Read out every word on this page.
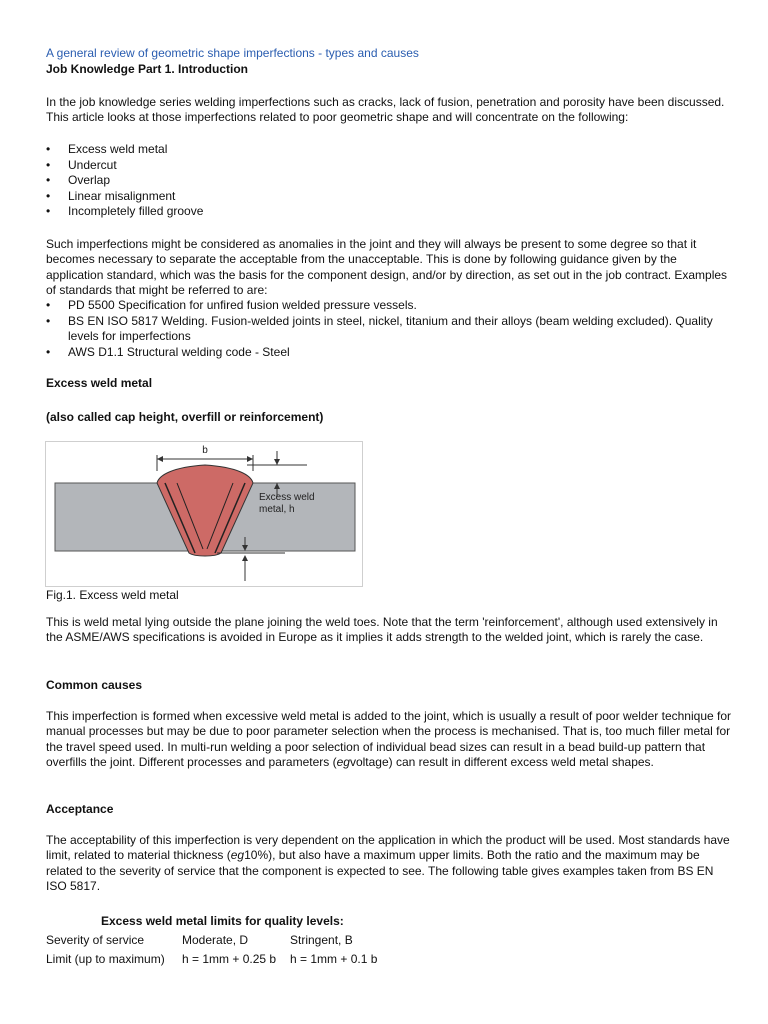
A general review of geometric shape imperfections - types and causes

Job Knowledge Part 1. Introduction

In the job knowledge series welding imperfections such as cracks, lack of fusion, penetration and porosity have been discussed. This article looks at those imperfections related to poor geometric shape and will concentrate on the following:

• Excess weld metal
• Undercut
• Overlap
• Linear misalignment
• Incompletely filled groove

Such imperfections might be considered as anomalies in the joint and they will always be present to some degree so that it becomes necessary to separate the acceptable from the unacceptable. This is done by following guidance given by the application standard, which was the basis for the component design, and/or by direction, as set out in the job contract. Examples of standards that might be referred to are:

• PD 5500 Specification for unfired fusion welded pressure vessels.
• BS EN ISO 5817 Welding. Fusion-welded joints in steel, nickel, titanium and their alloys (beam welding excluded). Quality levels for imperfections
• AWS D1.1 Structural welding code - Steel

Excess weld metal

(also called cap height, overfill or reinforcement)

b
Excess weld
metal, h

Fig.1. Excess weld metal

This is weld metal lying outside the plane joining the weld toes. Note that the term 'reinforcement', although used extensively in the ASME/AWS specifications is avoided in Europe as it implies it adds strength to the welded joint, which is rarely the case.

Common causes

This imperfection is formed when excessive weld metal is added to the joint, which is usually a result of poor welder technique for manual processes but may be due to poor parameter selection when the process is mechanised. That is, too much filler metal for the travel speed used. In multi-run welding a poor selection of individual bead sizes can result in a bead build-up pattern that overfills the joint. Different processes and parameters (egvoltage) can result in different excess weld metal shapes.

Acceptance

The acceptability of this imperfection is very dependent on the application in which the product will be used. Most standards have limit, related to material thickness (eg10%), but also have a maximum upper limits. Both the ratio and the maximum may be related to the severity of service that the component is expected to see. The following table gives examples taken from BS EN ISO 5817.

Excess weld metal limits for quality levels:

Severity of service	Moderate, D	Stringent, B
Limit (up to maximum)	h = 1mm + 0.25 b	h = 1mm + 0.1 b
